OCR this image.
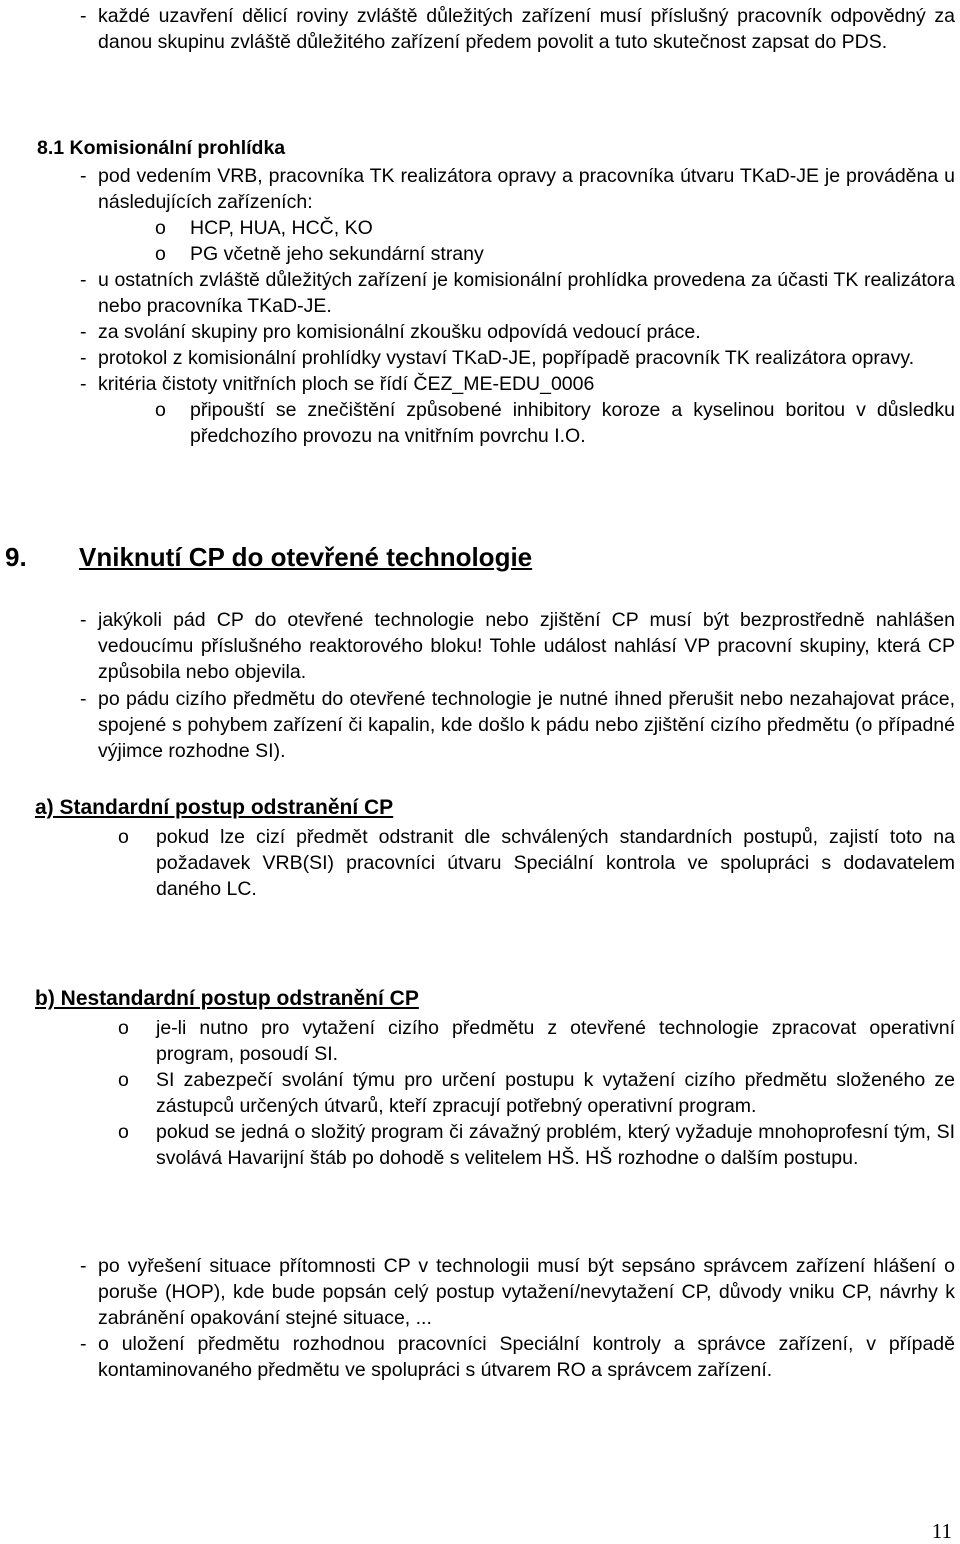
- každé uzavření dělicí roviny zvláště důležitých zařízení musí příslušný pracovník odpovědný za danou skupinu zvláště důležitého zařízení předem povolit a tuto skutečnost zapsat do PDS.
8.1 Komisionální prohlídka
- pod vedením VRB, pracovníka TK realizátora opravy a pracovníka útvaru TKaD-JE je prováděna u následujících zařízeních:
o HCP, HUA, HCČ, KO
o PG včetně jeho sekundární strany
- u ostatních zvláště důležitých zařízení je komisionální prohlídka provedena za účasti TK realizátora nebo pracovníka TKaD-JE.
- za svolání skupiny pro komisionální zkoušku odpovídá vedoucí práce.
- protokol z komisionální prohlídky vystaví TKaD-JE, popřípadě pracovník TK realizátora opravy.
- kritéria čistoty vnitřních ploch se řídí ČEZ_ME-EDU_0006
o připouští se znečištění způsobené inhibitory koroze a kyselinou boritou v důsledku předchozího provozu na vnitřním povrchu I.O.
9. Vniknutí CP do otevřené technologie
- jakýkoli pád CP do otevřené technologie nebo zjištění CP musí být bezprostředně nahlášen vedoucímu příslušného reaktorového bloku! Tohle událost nahlásí VP pracovní skupiny, která CP způsobila nebo objevila.
- po pádu cizího předmětu do otevřené technologie je nutné ihned přerušit nebo nezahajovat práce, spojené s pohybem zařízení či kapalin, kde došlo k pádu nebo zjištění cizího předmětu (o případné výjimce rozhodne SI).
a) Standardní postup odstranění CP
o pokud lze cizí předmět odstranit dle schválených standardních postupů, zajistí toto na požadavek VRB(SI) pracovníci útvaru Speciální kontrola ve spolupráci s dodavatelem daného LC.
b) Nestandardní postup odstranění CP
o je-li nutno pro vytažení cizího předmětu z otevřené technologie zpracovat operativní program, posoudí SI.
o SI zabezpečí svolání týmu pro určení postupu k vytažení cizího předmětu složeného ze zástupců určených útvarů, kteří zpracují potřebný operativní program.
o pokud se jedná o složitý program či závažný problém, který vyžaduje mnohoprofesní tým, SI svolává Havarijní štáb po dohodě s velitelem HŠ. HŠ rozhodne o dalším postupu.
- po vyřešení situace přítomnosti CP v technologii musí být sepsáno správcem zařízení hlášení o poruše (HOP), kde bude popsán celý postup vytažení/nevytažení CP, důvody vniku CP, návrhy k zabránění opakování stejné situace, ...
- o uložení předmětu rozhodnou pracovníci Speciální kontroly a správce zařízení, v případě kontaminovaného předmětu ve spolupráci s útvarem RO a správcem zařízení.
11
